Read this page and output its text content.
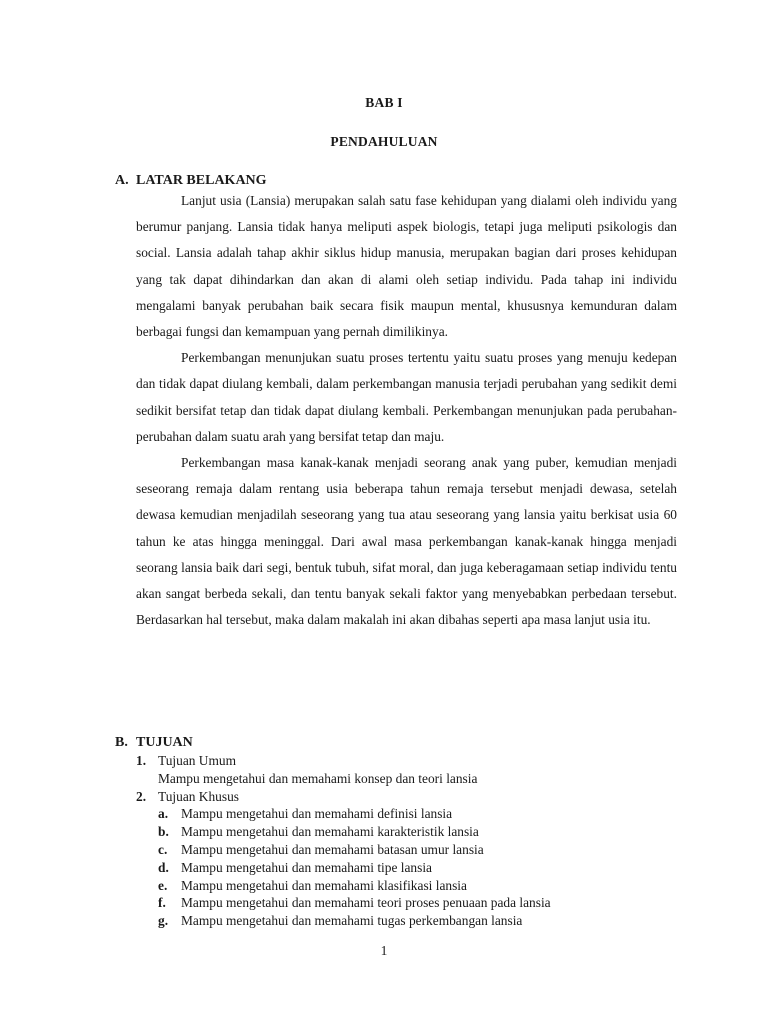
BAB I
PENDAHULUAN
A. LATAR BELAKANG

Lanjut usia (Lansia) merupakan salah satu fase kehidupan yang dialami oleh individu yang berumur panjang. Lansia tidak hanya meliputi aspek biologis, tetapi juga meliputi psikologis dan social. Lansia adalah tahap akhir siklus hidup manusia, merupakan bagian dari proses kehidupan yang tak dapat dihindarkan dan akan di alami oleh setiap individu. Pada tahap ini individu mengalami banyak perubahan baik secara fisik maupun mental, khususnya kemunduran dalam berbagai fungsi dan kemampuan yang pernah dimilikinya.

Perkembangan menunjukan suatu proses tertentu yaitu suatu proses yang menuju kedepan dan tidak dapat diulang kembali, dalam perkembangan manusia terjadi perubahan yang sedikit demi sedikit bersifat tetap dan tidak dapat diulang kembali. Perkembangan menunjukan pada perubahan-perubahan dalam suatu arah yang bersifat tetap dan maju.

Perkembangan masa kanak-kanak menjadi seorang anak yang puber, kemudian menjadi seseorang remaja dalam rentang usia beberapa tahun remaja tersebut menjadi dewasa, setelah dewasa kemudian menjadilah seseorang yang tua atau seseorang yang lansia yaitu berkisat usia 60 tahun ke atas hingga meninggal. Dari awal masa perkembangan kanak-kanak hingga menjadi seorang lansia baik dari segi, bentuk tubuh, sifat moral, dan juga keberagamaan setiap individu tentu akan sangat berbeda sekali, dan tentu banyak sekali faktor yang menyebabkan perbedaan tersebut. Berdasarkan hal tersebut, maka dalam makalah ini akan dibahas seperti apa masa lanjut usia itu.

B. TUJUAN
1. Tujuan Umum
Mampu mengetahui dan memahami konsep dan teori lansia
2. Tujuan Khusus
a. Mampu mengetahui dan memahami definisi lansia
b. Mampu mengetahui dan memahami karakteristik lansia
c.	Mampu mengetahui dan memahami batasan umur lansia
d. Mampu mengetahui dan memahami tipe lansia
e.	Mampu mengetahui dan memahami klasifikasi lansia
f.	Mampu mengetahui dan memahami teori proses penuaan pada lansia
g. Mampu mengetahui dan memahami tugas perkembangan lansia
1
